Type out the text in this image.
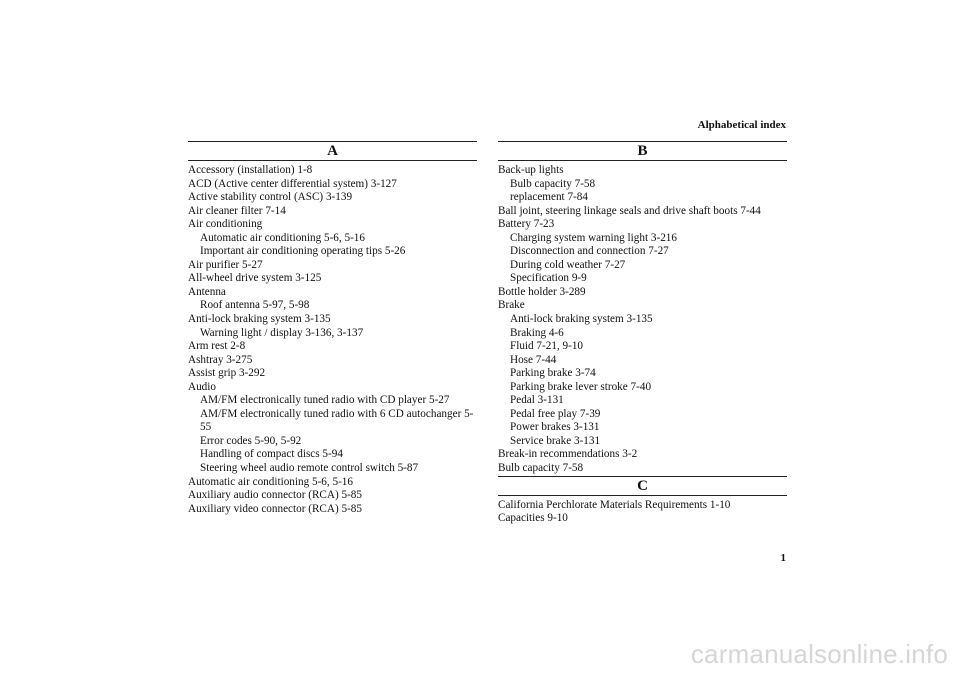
Alphabetical index
A
Accessory (installation) 1-8
ACD (Active center differential system) 3-127
Active stability control (ASC) 3-139
Air cleaner filter 7-14
Air conditioning
Automatic air conditioning 5-6, 5-16
Important air conditioning operating tips 5-26
Air purifier 5-27
All-wheel drive system 3-125
Antenna
Roof antenna 5-97, 5-98
Anti-lock braking system 3-135
Warning light / display 3-136, 3-137
Arm rest 2-8
Ashtray 3-275
Assist grip 3-292
Audio
AM/FM electronically tuned radio with CD player 5-27
AM/FM electronically tuned radio with 6 CD autochanger 5-
55
Error codes 5-90, 5-92
Handling of compact discs 5-94
Steering wheel audio remote control switch 5-87
Automatic air conditioning 5-6, 5-16
Auxiliary audio connector (RCA) 5-85
Auxiliary video connector (RCA) 5-85
B
Back-up lights
Bulb capacity 7-58
replacement 7-84
Ball joint, steering linkage seals and drive shaft boots 7-44
Battery 7-23
Charging system warning light 3-216
Disconnection and connection 7-27
During cold weather 7-27
Specification 9-9
Bottle holder 3-289
Brake
Anti-lock braking system 3-135
Braking 4-6
Fluid 7-21, 9-10
Hose 7-44
Parking brake 3-74
Parking brake lever stroke 7-40
Pedal 3-131
Pedal free play 7-39
Power brakes 3-131
Service brake 3-131
Break-in recommendations 3-2
Bulb capacity 7-58
C
California Perchlorate Materials Requirements 1-10
Capacities 9-10
1
carmanualsonline.info
